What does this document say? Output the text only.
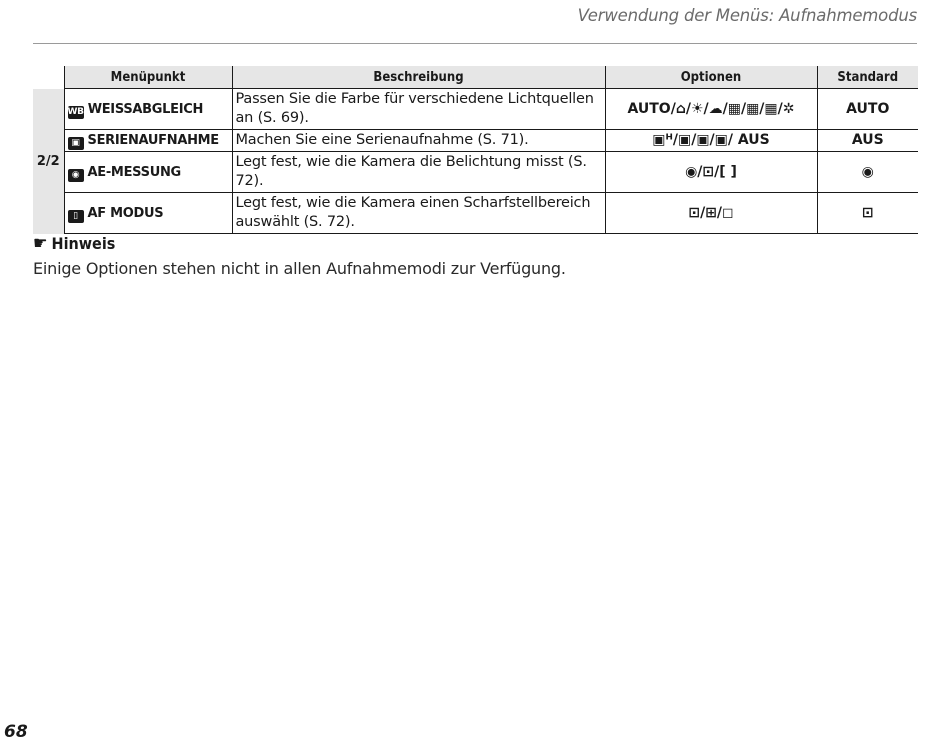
Verwendung der Menüs: Aufnahmemodus
	Menüpunkt	Beschreibung	Optionen	Standard
2/2	WB WEISSABGLEICH	Passen Sie die Farbe für verschiedene Lichtquellen an (S. 69).	AUTO/⌂/☀/☁/▦/▦/▦/✲	AUTO
	▣ SERIENAUFNAHME	Machen Sie eine Serienaufnahme (S. 71).	▣ᴴ/▣/▣/▣/ AUS	AUS
	◉ AE-MESSUNG	Legt fest, wie die Kamera die Belichtung misst (S. 72).	◉/⊡/[ ]	◉
	▯ AF MODUS	Legt fest, wie die Kamera einen Scharfstellbereich auswählt (S. 72).	⊡/⊞/◻	⊡
☛ Hinweis
Einige Optionen stehen nicht in allen Aufnahmemodi zur Verfügung.
68
